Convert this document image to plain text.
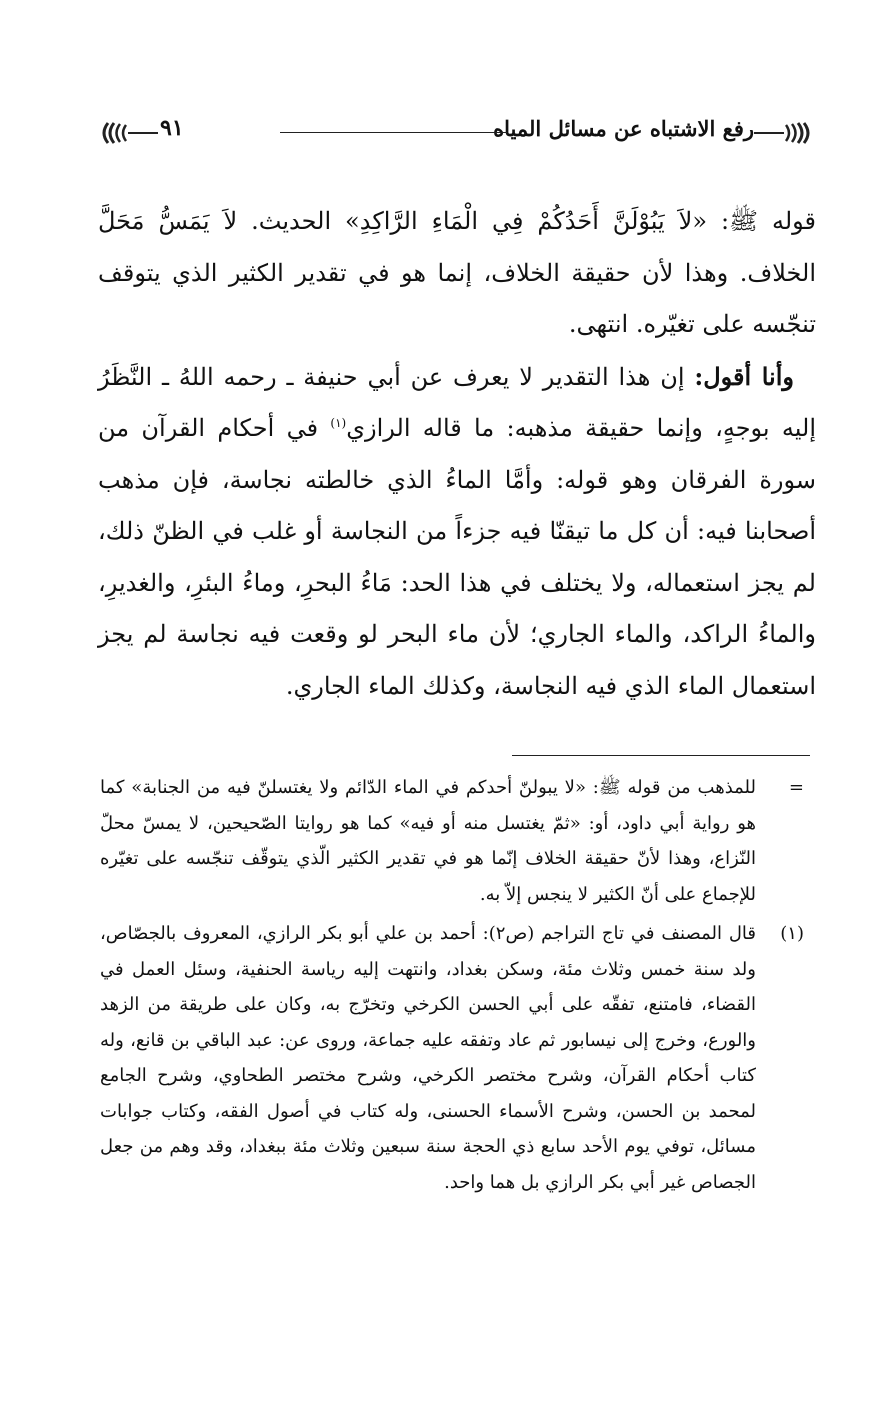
رفع الاشتباه عن مسائل المياه
٩١

قوله ﷺ: «لاَ يَبُوْلَنَّ أَحَدُكُمْ فِي الْمَاءِ الرَّاكِدِ» الحديث. لاَ يَمَسُّ مَحَلَّ الخلاف. وهذا لأن حقيقة الخلاف، إنما هو في تقدير الكثير الذي يتوقف تنجّسه على تغيّره. انتهى.

وأنا أقول: إن هذا التقدير لا يعرف عن أبي حنيفة ـ رحمه اللهُ ـ النَّظَرُ إليه بوجهٍ، وإنما حقيقة مذهبه: ما قاله الرازي$^{(١)}$ في أحكام القرآن من سورة الفرقان وهو قوله: وأمَّا الماءُ الذي خالطته نجاسة، فإن مذهب أصحابنا فيه: أن كل ما تيقنّا فيه جزءاً من النجاسة أو غلب في الظنّ ذلك، لم يجز استعماله، ولا يختلف في هذا الحد: مَاءُ البحرِ، وماءُ البئرِ، والغديرِ، والماءُ الراكد، والماء الجاري؛ لأن ماء البحر لو وقعت فيه نجاسة لم يجز استعمال الماء الذي فيه النجاسة، وكذلك الماء الجاري.

=
للمذهب من قوله ﷺ: «لا يبولنّ أحدكم في الماء الدّائم ولا يغتسلنّ فيه من الجنابة» كما هو رواية أبي داود، أو: «ثمّ يغتسل منه أو فيه» كما هو روايتا الصّحيحين، لا يمسّ محلّ النّزاع، وهذا لأنّ حقيقة الخلاف إنّما هو في تقدير الكثير الّذي يتوقّف تنجّسه على تغيّره للإجماع على أنّ الكثير لا ينجس إلاّ به.
(١)
قال المصنف في تاج التراجم (ص٢): أحمد بن علي أبو بكر الرازي، المعروف بالجصّاص، ولد سنة خمس وثلاث مئة، وسكن بغداد، وانتهت إليه رياسة الحنفية، وسئل العمل في القضاء، فامتنع، تفقّه على أبي الحسن الكرخي وتخرّج به، وكان على طريقة من الزهد والورع، وخرج إلى نيسابور ثم عاد وتفقه عليه جماعة، وروى عن: عبد الباقي بن قانع، وله كتاب أحكام القرآن، وشرح مختصر الكرخي، وشرح مختصر الطحاوي، وشرح الجامع لمحمد بن الحسن، وشرح الأسماء الحسنى، وله كتاب في أصول الفقه، وكتاب جوابات مسائل، توفي يوم الأحد سابع ذي الحجة سنة سبعين وثلاث مئة ببغداد، وقد وهم من جعل الجصاص غير أبي بكر الرازي بل هما واحد.
